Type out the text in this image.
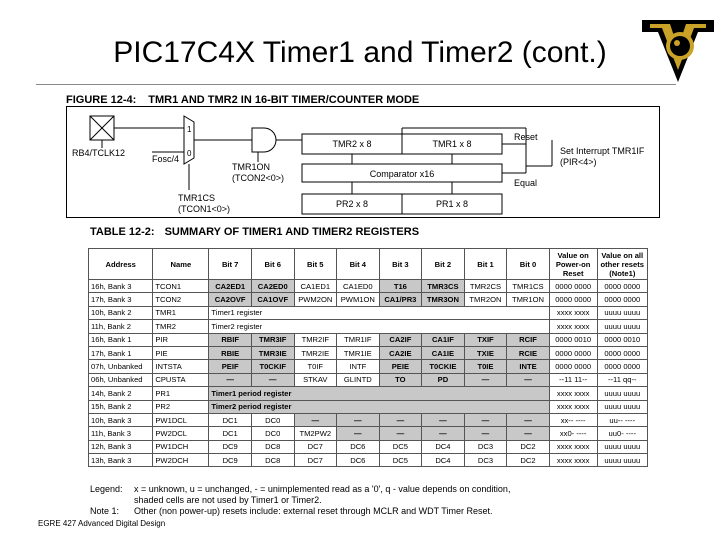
PIC17C4X Timer1 and Timer2 (cont.)
FIGURE 12-4: TMR1 AND TMR2 IN 16-BIT TIMER/COUNTER MODE
RB4/TCLK12
Fosc/4
1
0
TMR1CS
(TCON1<0>)
TMR1ON
(TCON2<0>)
TMR2 x 8	TMR1 x 8
Comparator x16
PR2 x 8	PR1 x 8
Reset
Equal
Set Interrupt TMR1IF
(PIR<4>)
TABLE 12-2: SUMMARY OF TIMER1 AND TIMER2 REGISTERS
Address	Name	Bit 7	Bit 6	Bit 5	Bit 4	Bit 3	Bit 2	Bit 1	Bit 0	Value on
Power-on
Reset	Value on all
other resets
(Note1)
16h, Bank 3	TCON1	CA2ED1	CA2ED0	CA1ED1	CA1ED0	T16	TMR3CS	TMR2CS	TMR1CS	0000 0000	0000 0000
17h, Bank 3	TCON2	CA2OVF	CA1OVF	PWM2ON	PWM1ON	CA1/PR3	TMR3ON	TMR2ON	TMR1ON	0000 0000	0000 0000
10h, Bank 2	TMR1	Timer1 register								xxxx xxxx	uuuu uuuu
11h, Bank 2	TMR2	Timer2 register								xxxx xxxx	uuuu uuuu
16h, Bank 1	PIR	RBIF	TMR3IF	TMR2IF	TMR1IF	CA2IF	CA1IF	TXIF	RCIF	0000 0010	0000 0010
17h, Bank 1	PIE	RBIE	TMR3IE	TMR2IE	TMR1IE	CA2IE	CA1IE	TXIE	RCIE	0000 0000	0000 0000
07h, Unbanked	INTSTA	PEIF	T0CKIF	T0IF	INTF	PEIE	T0CKIE	T0IE	INTE	0000 0000	0000 0000
06h, Unbanked	CPUSTA	—	—	STKAV	GLINTD	TO	PD	—	—	--11 11--	--11 qq--
14h, Bank 2	PR1	Timer1 period register								xxxx xxxx	uuuu uuuu
15h, Bank 2	PR2	Timer2 period register								xxxx xxxx	uuuu uuuu
10h, Bank 3	PW1DCL	DC1	DC0	—	—	—	—	—	—	xx-- ----	uu-- ----
11h, Bank 3	PW2DCL	DC1	DC0	TM2PW2	—	—	—	—	—	xx0- ----	uu0- ----
12h, Bank 3	PW1DCH	DC9	DC8	DC7	DC6	DC5	DC4	DC3	DC2	xxxx xxxx	uuuu uuuu
13h, Bank 3	PW2DCH	DC9	DC8	DC7	DC6	DC5	DC4	DC3	DC2	xxxx xxxx	uuuu uuuu
Legend: x = unknown, u = unchanged, - = unimplemented read as a '0', q - value depends on condition,
shaded cells are not used by Timer1 or Timer2.
Note 1: Other (non power-up) resets include: external reset through MCLR and WDT Timer Reset.
EGRE 427 Advanced Digital Design
